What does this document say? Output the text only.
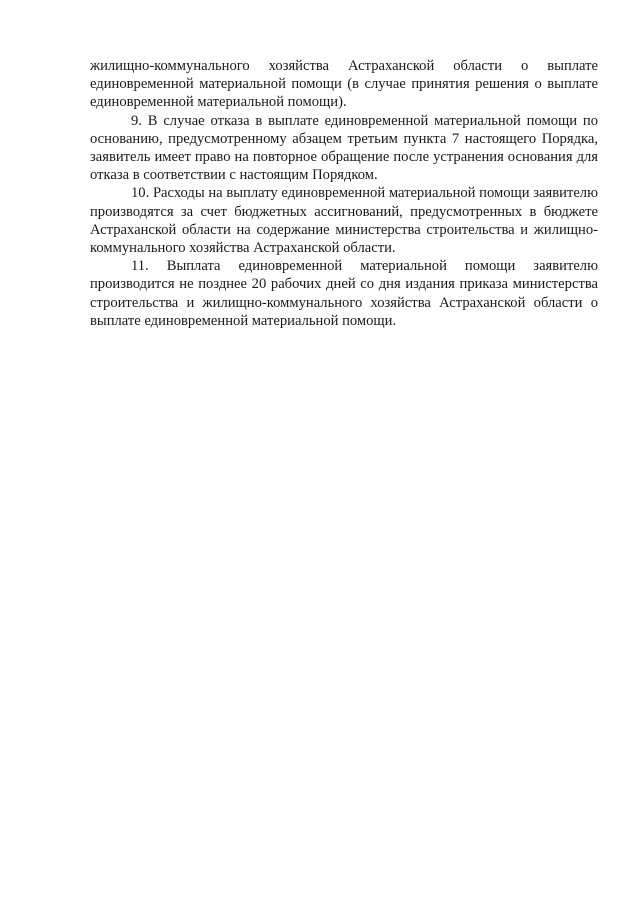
жилищно-коммунального хозяйства Астраханской области о выплате единовременной материальной помощи (в случае принятия решения о выплате единовременной материальной помощи).

9. В случае отказа в выплате единовременной материальной помощи по основанию, предусмотренному абзацем третьим пункта 7 настоящего Порядка, заявитель имеет право на повторное обращение после устранения основания для отказа в соответствии с настоящим Порядком.

10. Расходы на выплату единовременной материальной помощи заявителю производятся за счет бюджетных ассигнований, предусмотренных в бюджете Астраханской области на содержание министерства строительства и жилищно-коммунального хозяйства Астраханской области.

11. Выплата единовременной материальной помощи заявителю производится не позднее 20 рабочих дней со дня издания приказа министерства строительства и жилищно-коммунального хозяйства Астраханской области о выплате единовременной материальной помощи.
